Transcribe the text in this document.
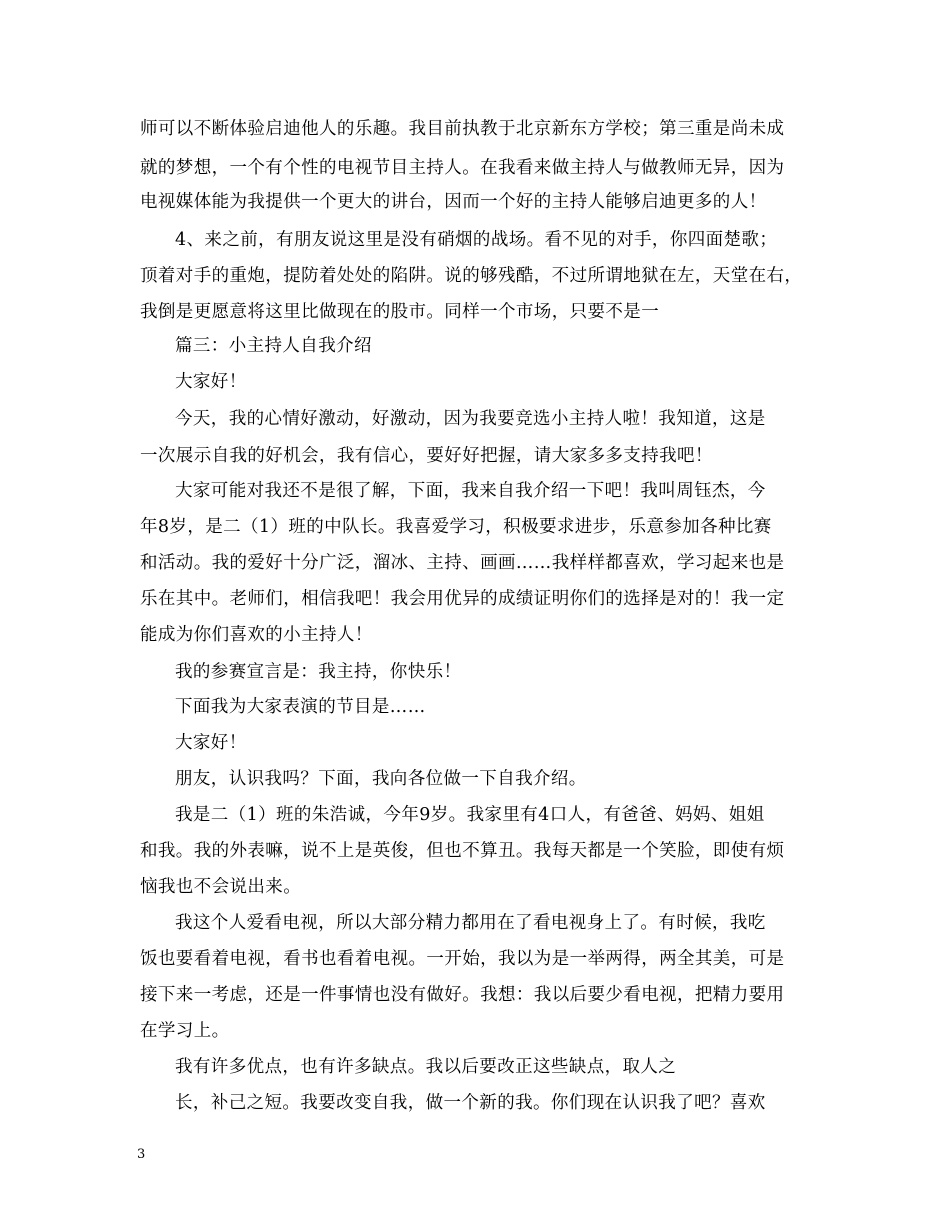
师可以不断体验启迪他人的乐趣。我目前执教于北京新东方学校；第三重是尚未成
就的梦想，一个有个性的电视节目主持人。在我看来做主持人与做教师无异，因为
电视媒体能为我提供一个更大的讲台，因而一个好的主持人能够启迪更多的人！
4、来之前，有朋友说这里是没有硝烟的战场。看不见的对手，你四面楚歌；
顶着对手的重炮，提防着处处的陷阱。说的够残酷，不过所谓地狱在左，天堂在右，
我倒是更愿意将这里比做现在的股市。同样一个市场，只要不是一
篇三：小主持人自我介绍
大家好！
今天，我的心情好激动，好激动，因为我要竞选小主持人啦！我知道，这是
一次展示自我的好机会，我有信心，要好好把握，请大家多多支持我吧！
大家可能对我还不是很了解，下面，我来自我介绍一下吧！我叫周钰杰，今
年8岁，是二（1）班的中队长。我喜爱学习，积极要求进步，乐意参加各种比赛
和活动。我的爱好十分广泛，溜冰、主持、画画……我样样都喜欢，学习起来也是
乐在其中。老师们，相信我吧！我会用优异的成绩证明你们的选择是对的！我一定
能成为你们喜欢的小主持人！
我的参赛宣言是：我主持，你快乐！
下面我为大家表演的节目是……
大家好！
朋友，认识我吗？下面，我向各位做一下自我介绍。
我是二（1）班的朱浩诚，今年9岁。我家里有4口人，有爸爸、妈妈、姐姐
和我。我的外表嘛，说不上是英俊，但也不算丑。我每天都是一个笑脸，即使有烦
恼我也不会说出来。
我这个人爱看电视，所以大部分精力都用在了看电视身上了。有时候，我吃
饭也要看着电视，看书也看着电视。一开始，我以为是一举两得，两全其美，可是
接下来一考虑，还是一件事情也没有做好。我想：我以后要少看电视，把精力要用
在学习上。
我有许多优点，也有许多缺点。我以后要改正这些缺点，取人之
长，补己之短。我要改变自我，做一个新的我。你们现在认识我了吧？喜欢
3
